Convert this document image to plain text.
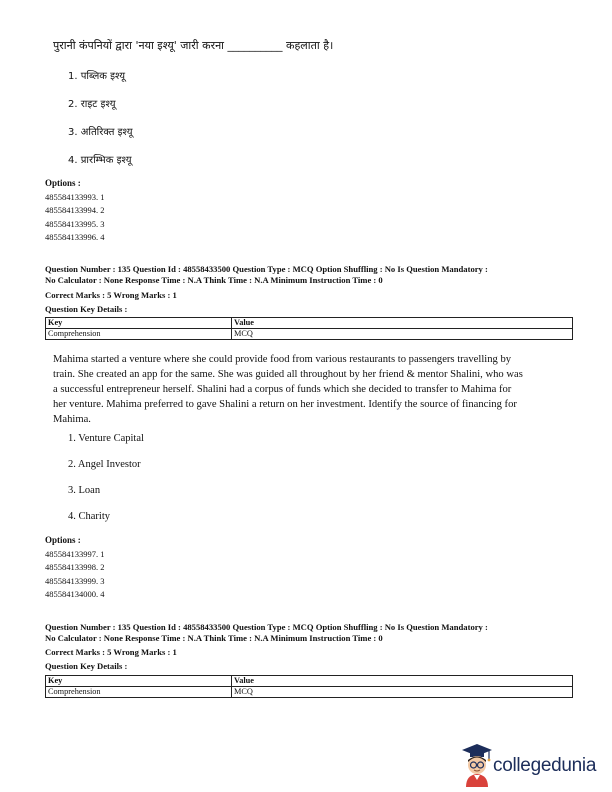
पुरानी कंपनियों द्वारा 'नया इश्यू' जारी करना __________ कहलाता है।
1. पब्लिक इश्यू
2. राइट इश्यू
3. अतिरिक्त इश्यू
4. प्रारम्भिक इश्यू
Options :
485584133993. 1
485584133994. 2
485584133995. 3
485584133996. 4
Question Number : 135 Question Id : 48558433500 Question Type : MCQ Option Shuffling : No Is Question Mandatory :
No Calculator : None Response Time : N.A Think Time : N.A Minimum Instruction Time : 0
Correct Marks : 5 Wrong Marks : 1
Question Key Details :
Key	Value
Comprehension	MCQ
Mahima started a venture where she could provide food from various restaurants to passengers travelling by
train. She created an app for the same. She was guided all throughout by her friend & mentor Shalini, who was
a successful entrepreneur herself. Shalini had a corpus of funds which she decided to transfer to Mahima for
her venture. Mahima preferred to gave Shalini a return on her investment. Identify the source of financing for
Mahima.
1. Venture Capital
2. Angel Investor
3. Loan
4. Charity
Options :
485584133997. 1
485584133998. 2
485584133999. 3
485584134000. 4
Question Number : 135 Question Id : 48558433500 Question Type : MCQ Option Shuffling : No Is Question Mandatory :
No Calculator : None Response Time : N.A Think Time : N.A Minimum Instruction Time : 0
Correct Marks : 5 Wrong Marks : 1
Question Key Details :
Key	Value
Comprehension	MCQ
collegedunia
